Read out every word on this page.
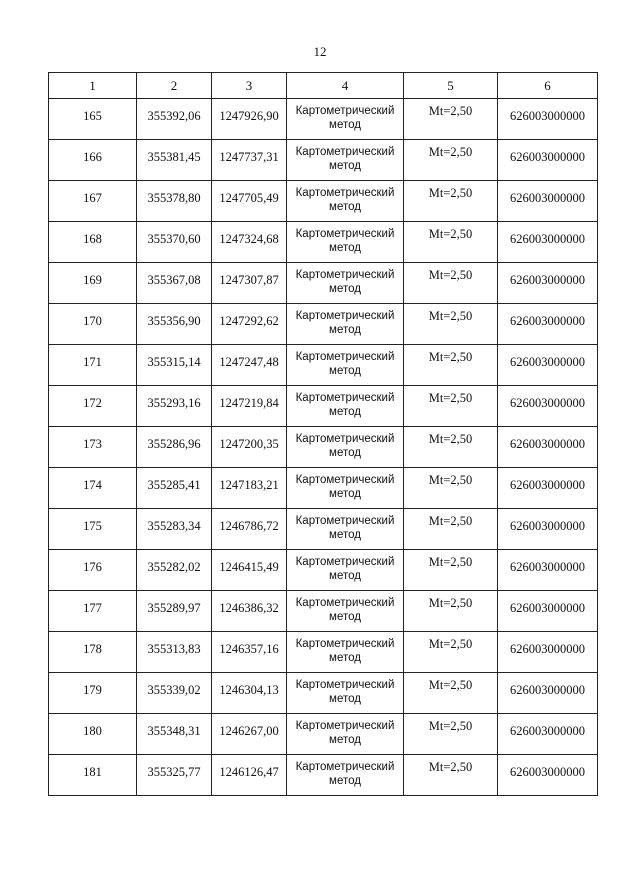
12
1	2	3	4	5	6
165	355392,06	1247926,90	Картометрический метод	Mt=2,50	626003000000
166	355381,45	1247737,31	Картометрический метод	Mt=2,50	626003000000
167	355378,80	1247705,49	Картометрический метод	Mt=2,50	626003000000
168	355370,60	1247324,68	Картометрический метод	Mt=2,50	626003000000
169	355367,08	1247307,87	Картометрический метод	Mt=2,50	626003000000
170	355356,90	1247292,62	Картометрический метод	Mt=2,50	626003000000
171	355315,14	1247247,48	Картометрический метод	Mt=2,50	626003000000
172	355293,16	1247219,84	Картометрический метод	Mt=2,50	626003000000
173	355286,96	1247200,35	Картометрический метод	Mt=2,50	626003000000
174	355285,41	1247183,21	Картометрический метод	Mt=2,50	626003000000
175	355283,34	1246786,72	Картометрический метод	Mt=2,50	626003000000
176	355282,02	1246415,49	Картометрический метод	Mt=2,50	626003000000
177	355289,97	1246386,32	Картометрический метод	Mt=2,50	626003000000
178	355313,83	1246357,16	Картометрический метод	Mt=2,50	626003000000
179	355339,02	1246304,13	Картометрический метод	Mt=2,50	626003000000
180	355348,31	1246267,00	Картометрический метод	Mt=2,50	626003000000
181	355325,77	1246126,47	Картометрический метод	Mt=2,50	626003000000
